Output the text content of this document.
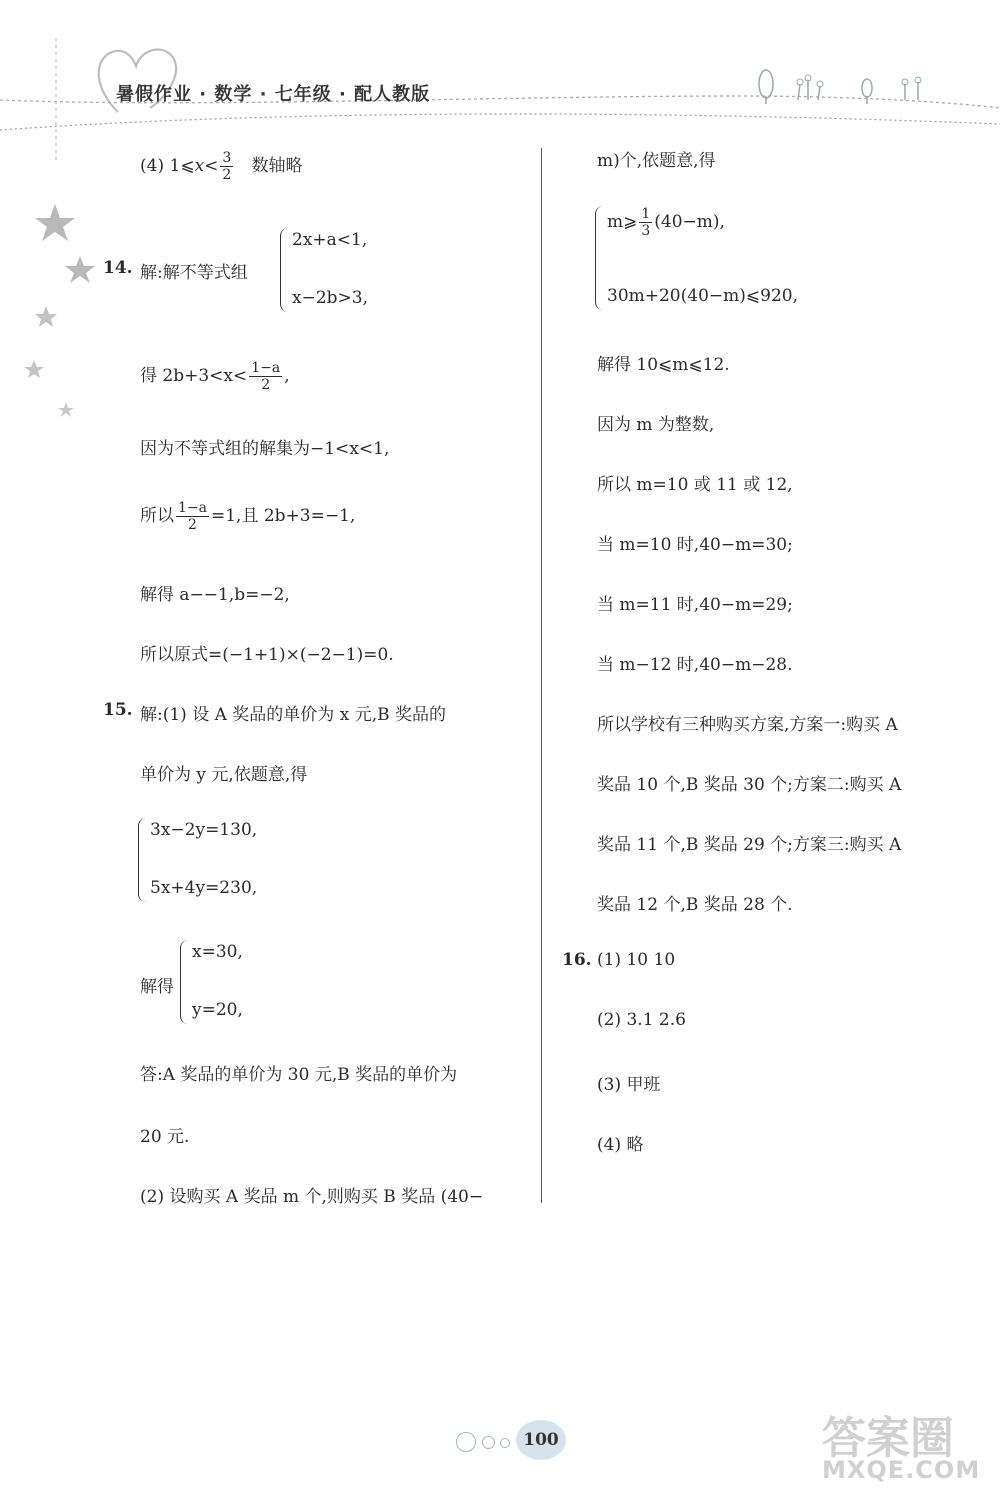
暑假作业 · 数学 · 七年级 · 配人教版
(4) 1⩽x< $\frac{3}{2}$ 数轴略
14. 解:解不等式组
2x+a<1,
x−2b>3,
得 $2b+3<x< \frac{1-a}{2}$ ,
因为不等式组的解集为−1<x<1,
所以 $\frac{1-a}{2} =1$,且 2b+3=−1,
解得 a−−1,b=−2,
所以原式=(−1+1)×(−2−1)=0.
15. 解:(1) 设 A 奖品的单价为 x 元,B 奖品的
单价为 y 元,依题意,得
3x−2y=130,
5x+4y=230,
解得
x=30,
y=20,
答:A 奖品的单价为 30 元,B 奖品的单价为
20 元.
(2) 设购买 A 奖品 m 个,则购买 B 奖品 (40−
m)个,依题意,得
m⩾ $\frac{1}{3} (40-m)$,
30m+20(40−m)⩽920,
解得 10⩽m⩽12.
因为 m 为整数,
所以 m=10 或 11 或 12,
当 m=10 时,40−m=30;
当 m=11 时,40−m=29;
当 m−12 时,40−m−28.
所以学校有三种购买方案,方案一:购买 A
奖品 10 个,B 奖品 30 个;方案二:购买 A
奖品 11 个,B 奖品 29 个;方案三:购买 A
奖品 12 个,B 奖品 28 个.
16. (1) 10 10
(2) 3.1 2.6
(3) 甲班
(4) 略
100	答案圈
MXQE.COM
